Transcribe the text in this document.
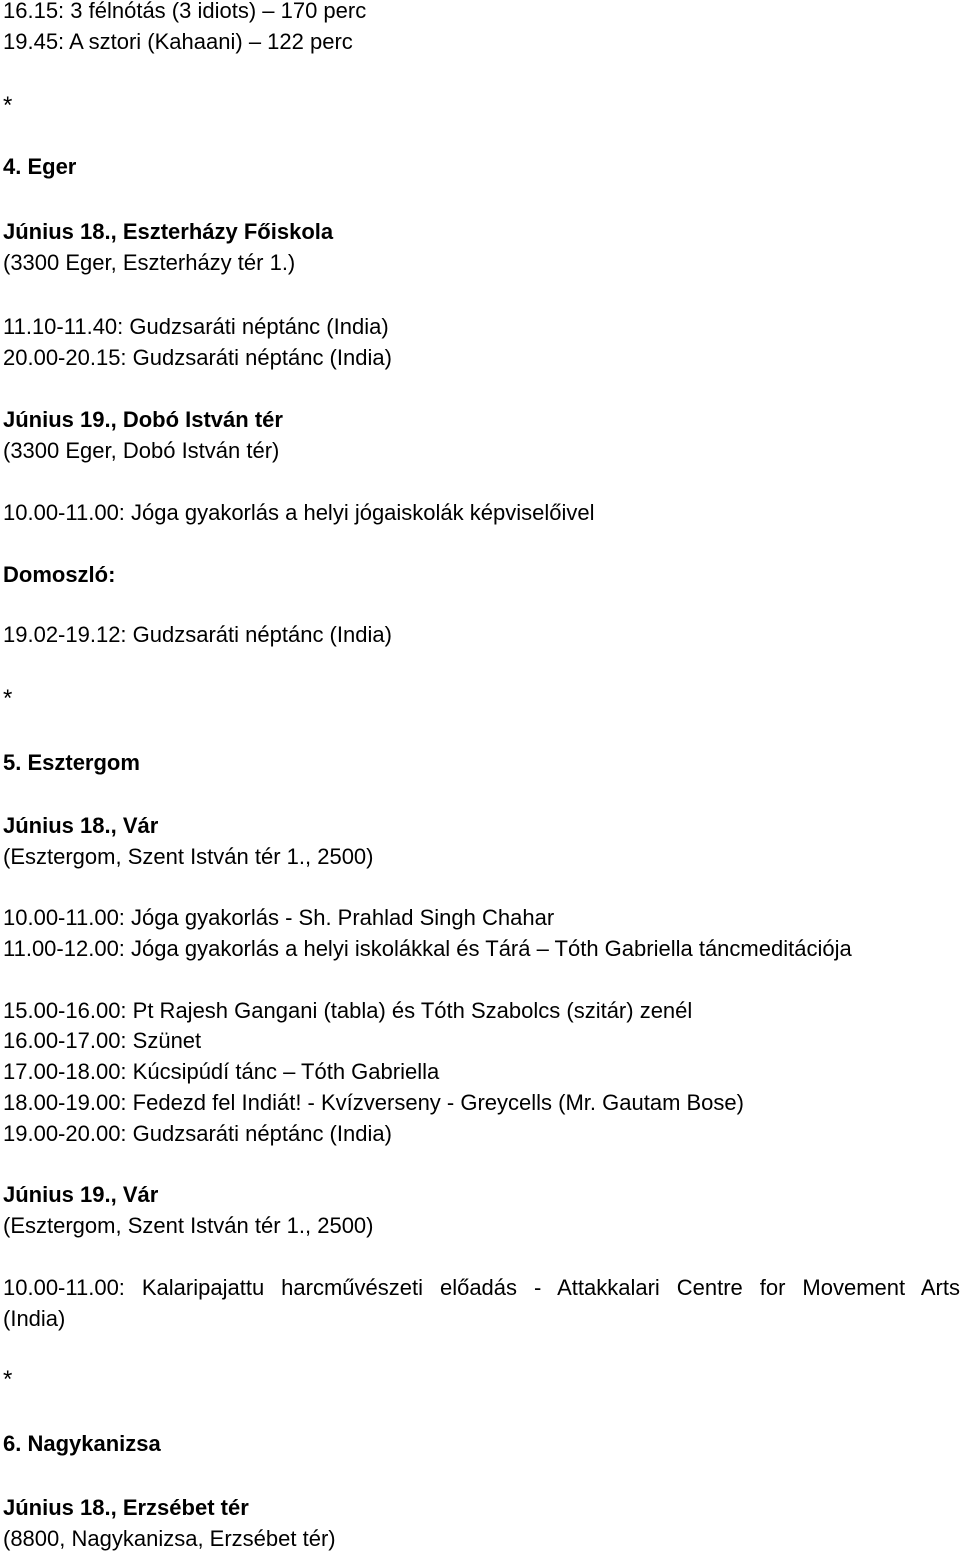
16.15: 3 félnótás (3 idiots) – 170 perc
19.45: A sztori (Kahaani) – 122 perc
*
4. Eger
Június 18., Eszterházy Főiskola
(3300 Eger, Eszterházy tér 1.)
11.10-11.40: Gudzsaráti néptánc (India)
20.00-20.15: Gudzsaráti néptánc (India)
Június 19., Dobó István tér
(3300 Eger, Dobó István tér)
10.00-11.00: Jóga gyakorlás a helyi jógaiskolák képviselőivel
Domoszló:
19.02-19.12: Gudzsaráti néptánc (India)
*
5. Esztergom
Június 18., Vár
(Esztergom, Szent István tér 1., 2500)
10.00-11.00: Jóga gyakorlás - Sh. Prahlad Singh Chahar
11.00-12.00: Jóga gyakorlás a helyi iskolákkal és Tárá – Tóth Gabriella táncmeditációja
15.00-16.00: Pt Rajesh Gangani (tabla) és Tóth Szabolcs (szitár) zenél
16.00-17.00: Szünet
17.00-18.00: Kúcsipúdí tánc – Tóth Gabriella
18.00-19.00: Fedezd fel Indiát! - Kvízverseny - Greycells (Mr. Gautam Bose)
19.00-20.00: Gudzsaráti néptánc (India)
Június 19., Vár
(Esztergom, Szent István tér 1., 2500)
10.00-11.00: Kalaripajattu harcművészeti előadás - Attakkalari Centre for Movement Arts
(India)
*
6. Nagykanizsa
Június 18., Erzsébet tér
(8800, Nagykanizsa, Erzsébet tér)
